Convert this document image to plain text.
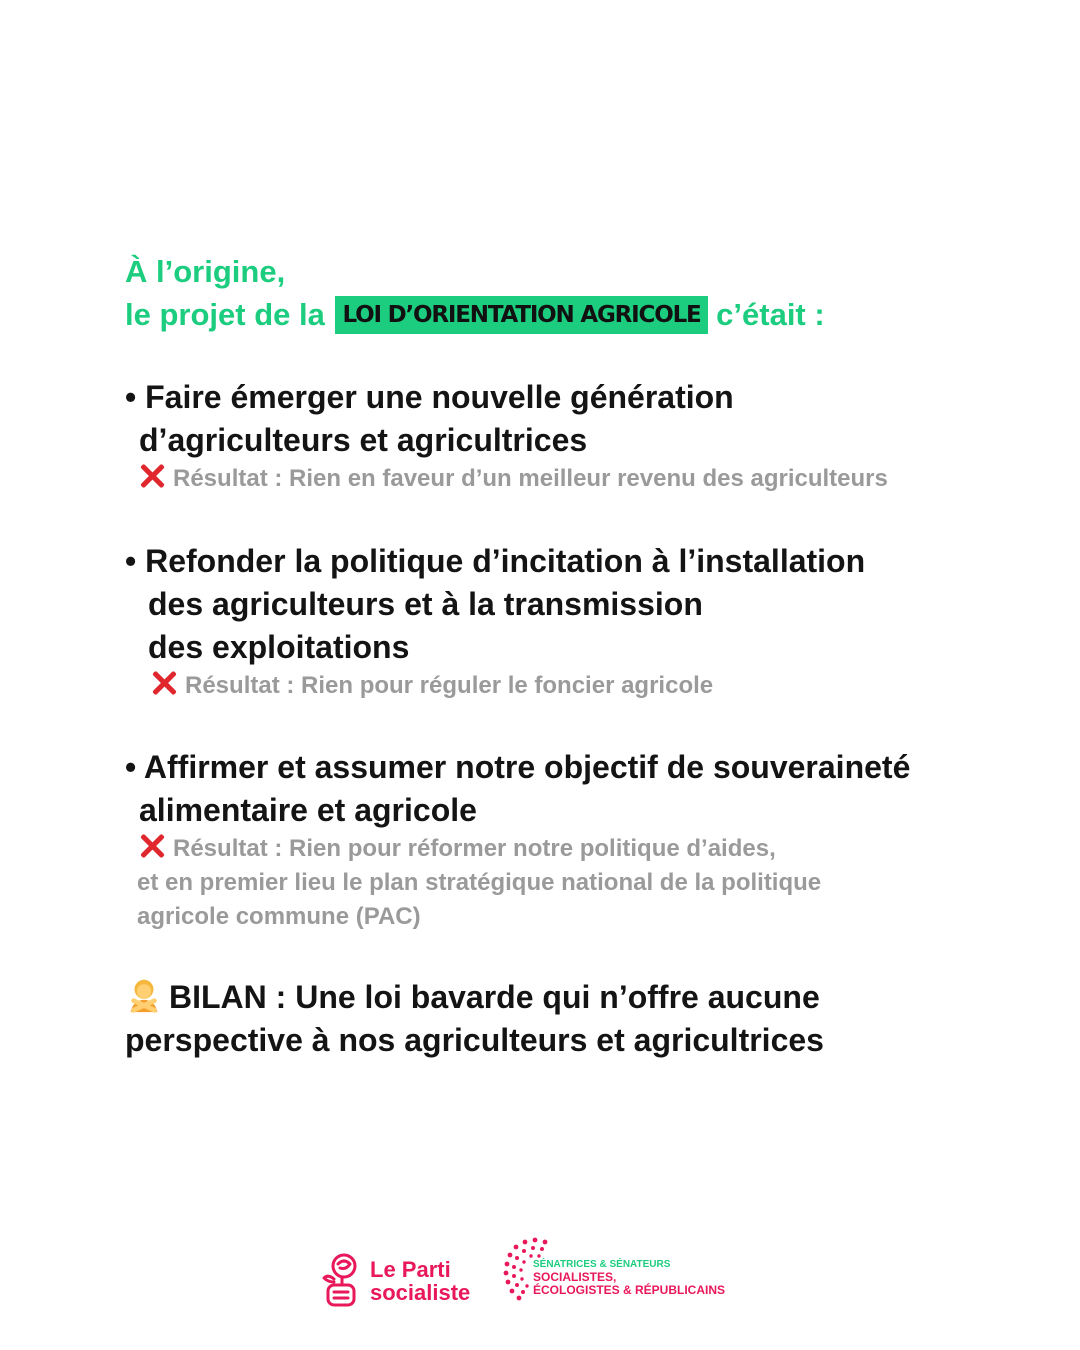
À l’origine,
le projet de la LOI D’ORIENTATION AGRICOLE c’était :
• Faire émerger une nouvelle génération
d’agriculteurs et agricultrices
Résultat : Rien en faveur d’un meilleur revenu des agriculteurs
• Refonder la politique d’incitation à l’installation
des agriculteurs et à la transmission
des exploitations
Résultat : Rien pour réguler le foncier agricole
• Affirmer et assumer notre objectif de souveraineté
alimentaire et agricole
Résultat : Rien pour réformer notre politique d’aides,
et en premier lieu le plan stratégique national de la politique
agricole commune (PAC)
BILAN : Une loi bavarde qui n’offre aucune
perspective à nos agriculteurs et agricultrices
Le Parti
socialiste
SÉNATRICES & SÉNATEURS
SOCIALISTES,
ÉCOLOGISTES & RÉPUBLICAINS
